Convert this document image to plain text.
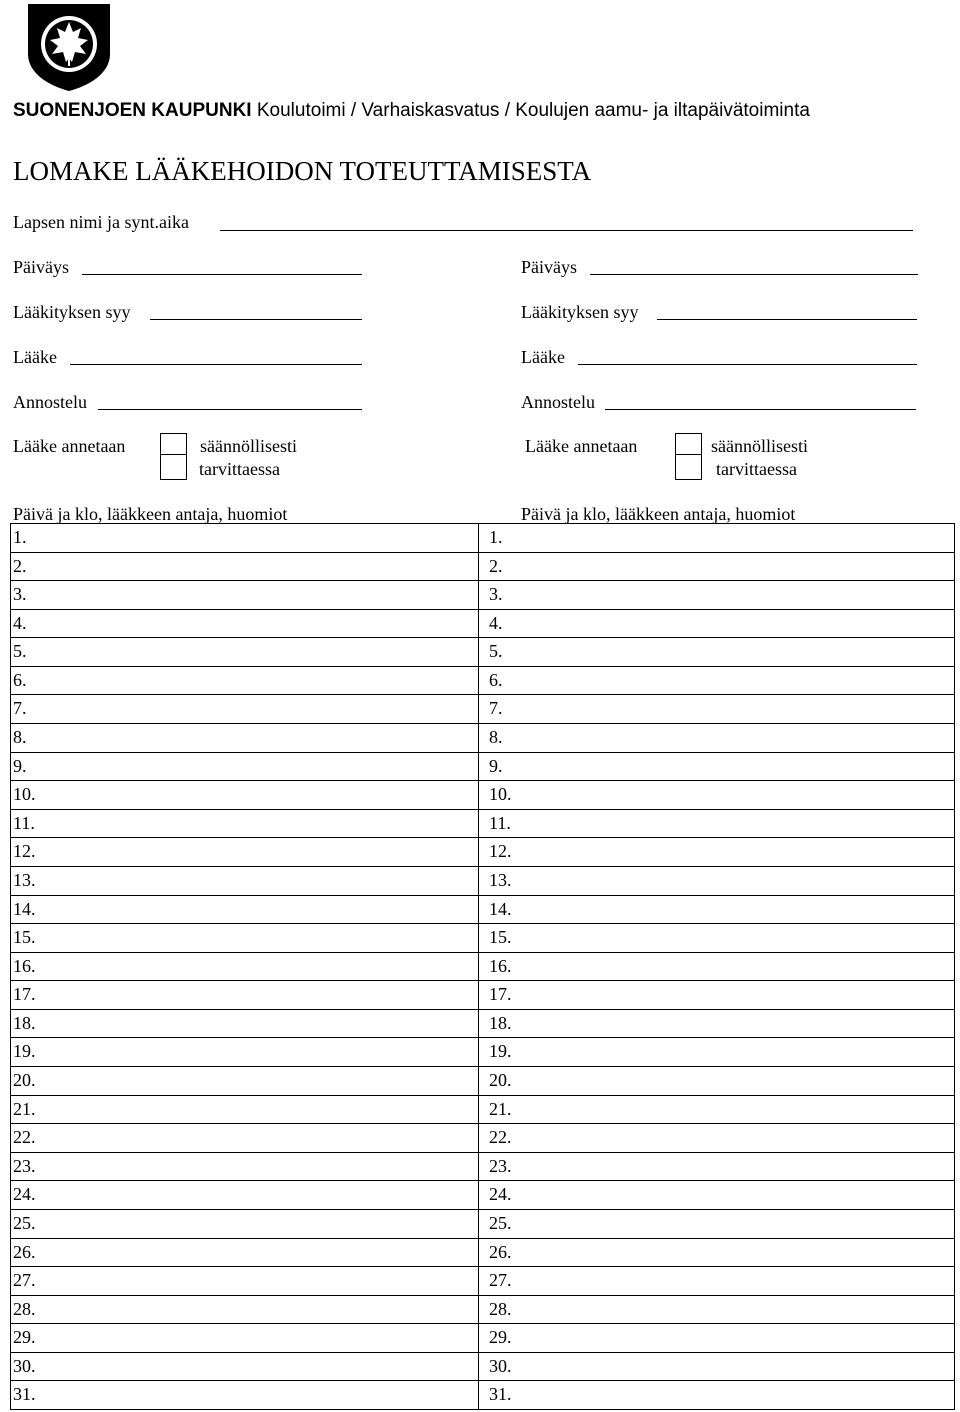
SUONENJOEN KAUPUNKI Koulutoimi / Varhaiskasvatus / Koulujen aamu- ja iltapäivätoiminta
LOMAKE LÄÄKEHOIDON TOTEUTTAMISESTA
Lapsen nimi ja synt.aika
Päiväys
Lääkityksen syy
Lääke
Annostelu
Lääke annetaan	säännöllisesti
tarvittaessa
Päivä ja klo, lääkkeen antaja, huomiot
Päiväys
Lääkityksen syy
Lääke
Annostelu
Lääke annetaan	säännöllisesti
tarvittaessa
Päivä ja klo, lääkkeen antaja, huomiot
1.	1.
2.	2.
3.	3.
4.	4.
5.	5.
6.	6.
7.	7.
8.	8.
9.	9.
10.	10.
11.	11.
12.	12.
13.	13.
14.	14.
15.	15.
16.	16.
17.	17.
18.	18.
19.	19.
20.	20.
21.	21.
22.	22.
23.	23.
24.	24.
25.	25.
26.	26.
27.	27.
28.	28.
29.	29.
30.	30.
31.	31.
